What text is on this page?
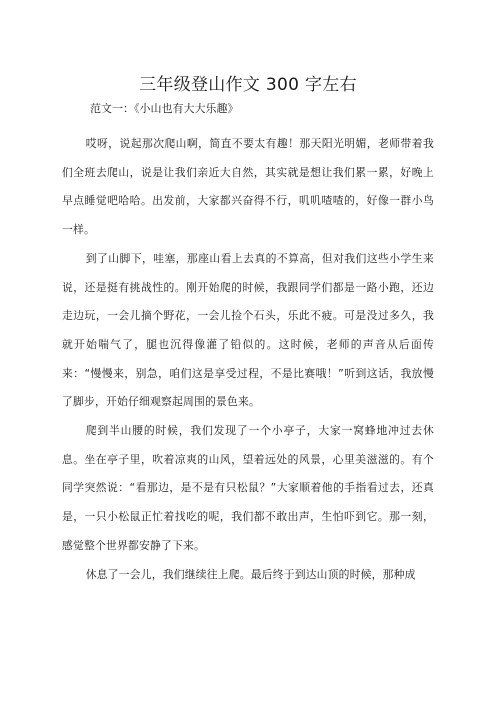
三年级登山作文 300 字左右
范文一：《小山也有大大乐趣》

哎呀，说起那次爬山啊，简直不要太有趣！那天阳光明媚，老师带着我们全班去爬山，说是让我们亲近大自然，其实就是想让我们累一累，好晚上早点睡觉吧哈哈。出发前，大家都兴奋得不行，叽叽喳喳的，好像一群小鸟一样。

到了山脚下，哇塞，那座山看上去真的不算高，但对我们这些小学生来说，还是挺有挑战性的。刚开始爬的时候，我跟同学们都是一路小跑，还边走边玩，一会儿摘个野花，一会儿捡个石头，乐此不疲。可是没过多久，我就开始喘气了，腿也沉得像灌了铅似的。这时候，老师的声音从后面传来：“慢慢来，别急，咱们这是享受过程，不是比赛哦！”听到这话，我放慢了脚步，开始仔细观察起周围的景色来。

爬到半山腰的时候，我们发现了一个小亭子，大家一窝蜂地冲过去休息。坐在亭子里，吹着凉爽的山风，望着远处的风景，心里美滋滋的。有个同学突然说：“看那边，是不是有只松鼠？”大家顺着他的手指看过去，还真是，一只小松鼠正忙着找吃的呢，我们都不敢出声，生怕吓到它。那一刻，感觉整个世界都安静了下来。

休息了一会儿，我们继续往上爬。最后终于到达山顶的时候，那种成
